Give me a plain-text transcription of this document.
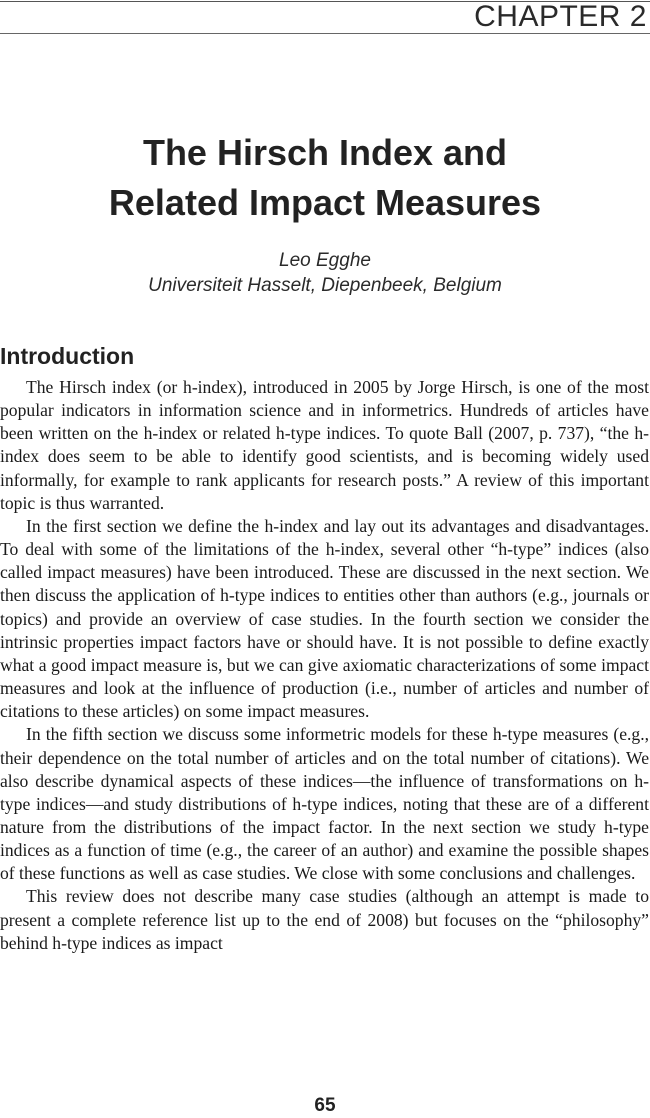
CHAPTER 2
The Hirsch Index and
Related Impact Measures
Leo Egghe
Universiteit Hasselt, Diepenbeek, Belgium
Introduction

The Hirsch index (or h-index), introduced in 2005 by Jorge Hirsch, is one of the most popular indicators in information science and in informetrics. Hundreds of articles have been written on the h-index or related h-type indices. To quote Ball (2007, p. 737), “the h-index does seem to be able to identify good scientists, and is becoming widely used informally, for example to rank applicants for research posts.” A review of this important topic is thus warranted.

In the first section we define the h-index and lay out its advantages and disadvantages. To deal with some of the limitations of the h-index, several other “h-type” indices (also called impact measures) have been introduced. These are discussed in the next section. We then discuss the application of h-type indices to entities other than authors (e.g., journals or topics) and provide an overview of case studies. In the fourth section we consider the intrinsic properties impact factors have or should have. It is not possible to define exactly what a good impact measure is, but we can give axiomatic characterizations of some impact measures and look at the influence of production (i.e., number of articles and number of citations to these articles) on some impact measures.

In the fifth section we discuss some informetric models for these h-type measures (e.g., their dependence on the total number of articles and on the total number of citations). We also describe dynamical aspects of these indices—the influence of transformations on h-type indices—and study distributions of h-type indices, noting that these are of a different nature from the distributions of the impact factor. In the next section we study h-type indices as a function of time (e.g., the career of an author) and examine the possible shapes of these functions as well as case studies. We close with some conclusions and challenges.

This review does not describe many case studies (although an attempt is made to present a complete reference list up to the end of 2008) but focuses on the “philosophy” behind h-type indices as impact

65
